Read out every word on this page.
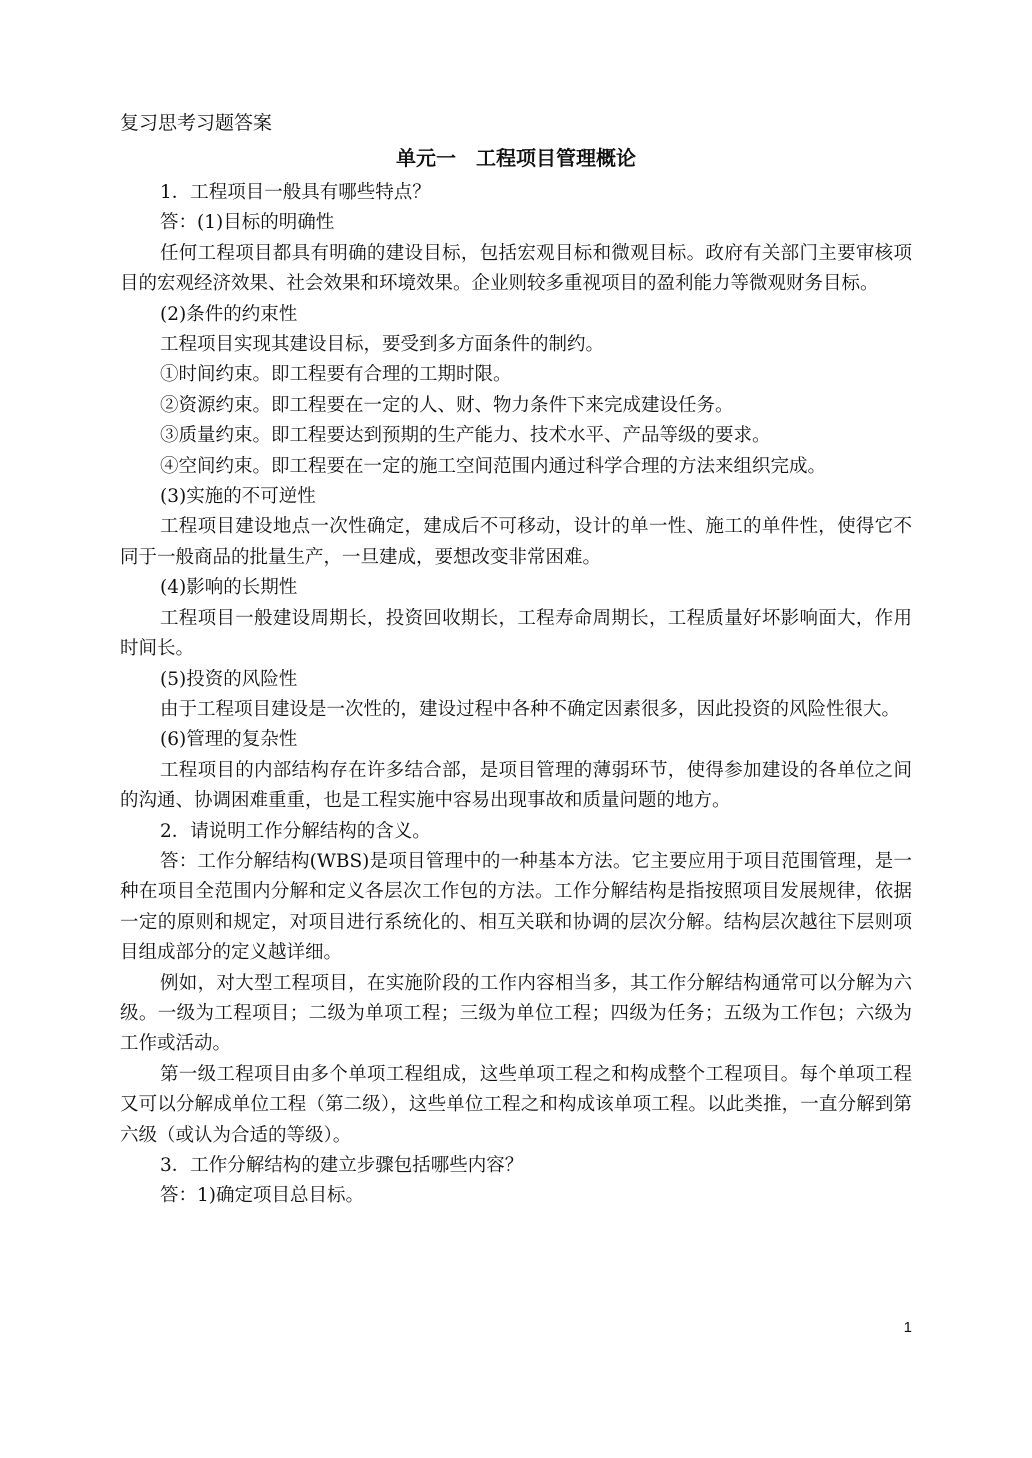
复习思考习题答案
单元一　工程项目管理概论

1．工程项目一般具有哪些特点？

答：(1)目标的明确性

任何工程项目都具有明确的建设目标，包括宏观目标和微观目标。政府有关部门主要审核项目的宏观经济效果、社会效果和环境效果。企业则较多重视项目的盈利能力等微观财务目标。

(2)条件的约束性

工程项目实现其建设目标，要受到多方面条件的制约。

①时间约束。即工程要有合理的工期时限。

②资源约束。即工程要在一定的人、财、物力条件下来完成建设任务。

③质量约束。即工程要达到预期的生产能力、技术水平、产品等级的要求。

④空间约束。即工程要在一定的施工空间范围内通过科学合理的方法来组织完成。

(3)实施的不可逆性

工程项目建设地点一次性确定，建成后不可移动，设计的单一性、施工的单件性，使得它不同于一般商品的批量生产，一旦建成，要想改变非常困难。

(4)影响的长期性

工程项目一般建设周期长，投资回收期长，工程寿命周期长，工程质量好坏影响面大，作用时间长。

(5)投资的风险性

由于工程项目建设是一次性的，建设过程中各种不确定因素很多，因此投资的风险性很大。

(6)管理的复杂性

工程项目的内部结构存在许多结合部，是项目管理的薄弱环节，使得参加建设的各单位之间的沟通、协调困难重重，也是工程实施中容易出现事故和质量问题的地方。

2．请说明工作分解结构的含义。

答：工作分解结构(WBS)是项目管理中的一种基本方法。它主要应用于项目范围管理，是一种在项目全范围内分解和定义各层次工作包的方法。工作分解结构是指按照项目发展规律，依据一定的原则和规定，对项目进行系统化的、相互关联和协调的层次分解。结构层次越往下层则项目组成部分的定义越详细。

例如，对大型工程项目，在实施阶段的工作内容相当多，其工作分解结构通常可以分解为六级。一级为工程项目；二级为单项工程；三级为单位工程；四级为任务；五级为工作包；六级为工作或活动。

第一级工程项目由多个单项工程组成，这些单项工程之和构成整个工程项目。每个单项工程又可以分解成单位工程（第二级），这些单位工程之和构成该单项工程。以此类推，一直分解到第六级（或认为合适的等级）。

3．工作分解结构的建立步骤包括哪些内容？

答：1)确定项目总目标。

1
